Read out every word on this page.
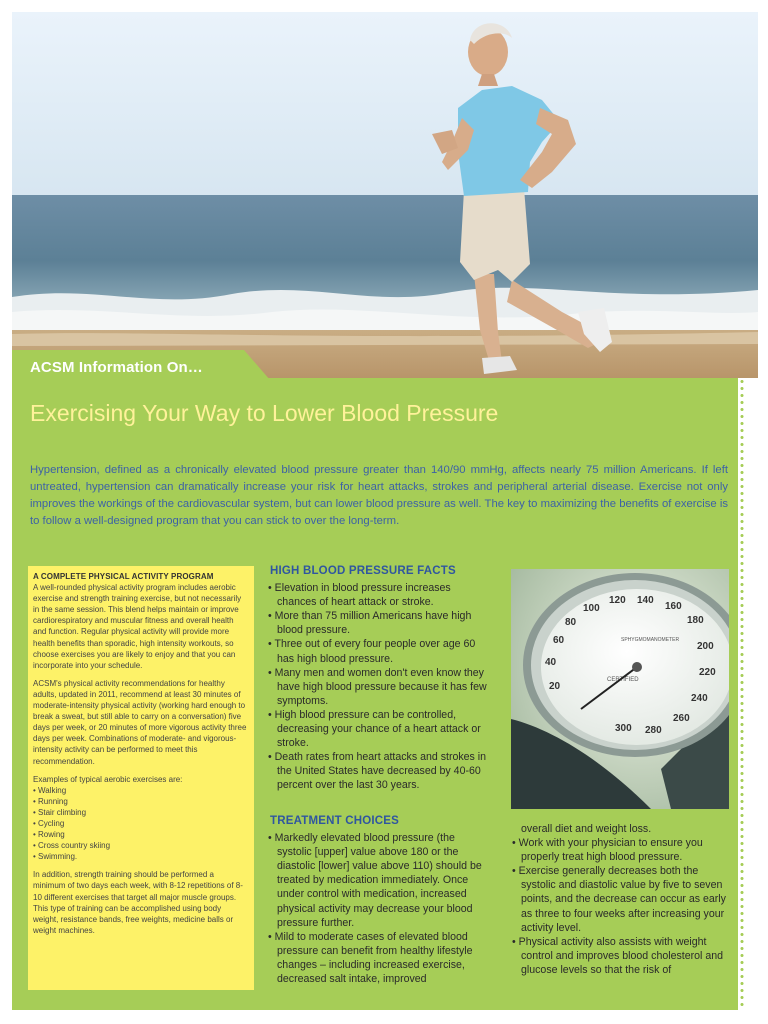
ACSM Information On…
Exercising Your Way to Lower Blood Pressure

Hypertension, defined as a chronically elevated blood pressure greater than 140/90 mmHg, affects nearly 75 million Americans. If left untreated, hypertension can dramatically increase your risk for heart attacks, strokes and peripheral arterial disease. Exercise not only improves the workings of the cardiovascular system, but can lower blood pressure as well. The key to maximizing the benefits of exercise is to follow a well-designed program that you can stick to over the long-term.

A COMPLETE PHYSICAL ACTIVITY PROGRAM

A well-rounded physical activity program includes aerobic exercise and strength training exercise, but not necessarily in the same session. This blend helps maintain or improve cardiorespiratory and muscular fitness and overall health and function. Regular physical activity will provide more health benefits than sporadic, high intensity workouts, so choose exercises you are likely to enjoy and that you can incorporate into your schedule.

ACSM's physical activity recommendations for healthy adults, updated in 2011, recommend at least 30 minutes of moderate-intensity physical activity (working hard enough to break a sweat, but still able to carry on a conversation) five days per week, or 20 minutes of more vigorous activity three days per week. Combinations of moderate- and vigorous-intensity activity can be performed to meet this recommendation.

Examples of typical aerobic exercises are:

• Walking
• Running
• Stair climbing
• Cycling
• Rowing
• Cross country skiing
• Swimming.

In addition, strength training should be performed a minimum of two days each week, with 8-12 repetitions of 8-10 different exercises that target all major muscle groups. This type of training can be accomplished using body weight, resistance bands, free weights, medicine balls or weight machines.

HIGH BLOOD PRESSURE FACTS
• Elevation in blood pressure increases chances of heart attack or stroke.
• More than 75 million Americans have high blood pressure.
• Three out of every four people over age 60 has high blood pressure.
• Many men and women don't even know they have high blood pressure because it has few symptoms.
• High blood pressure can be controlled, decreasing your chance of a heart attack or stroke.
• Death rates from heart attacks and strokes in the United States have decreased by 40-60 percent over the last 30 years.
TREATMENT CHOICES
• Markedly elevated blood pressure (the systolic [upper] value above 180 or the diastolic [lower] value above 110) should be treated by medication immediately. Once under control with medication, increased physical activity may decrease your blood pressure further.
• Mild to moderate cases of elevated blood pressure can benefit from healthy lifestyle changes – including increased exercise, decreased salt intake, improved
20
40
60
80
100
120 140
160
180
200
220
240
260
280
300
SPHYGMOMANOMETER
CERTIFIED
overall diet and weight loss.
• Work with your physician to ensure you properly treat high blood pressure.
• Exercise generally decreases both the systolic and diastolic value by five to seven points, and the decrease can occur as early as three to four weeks after increasing your activity level.
• Physical activity also assists with weight control and improves blood cholesterol and glucose levels so that the risk of
